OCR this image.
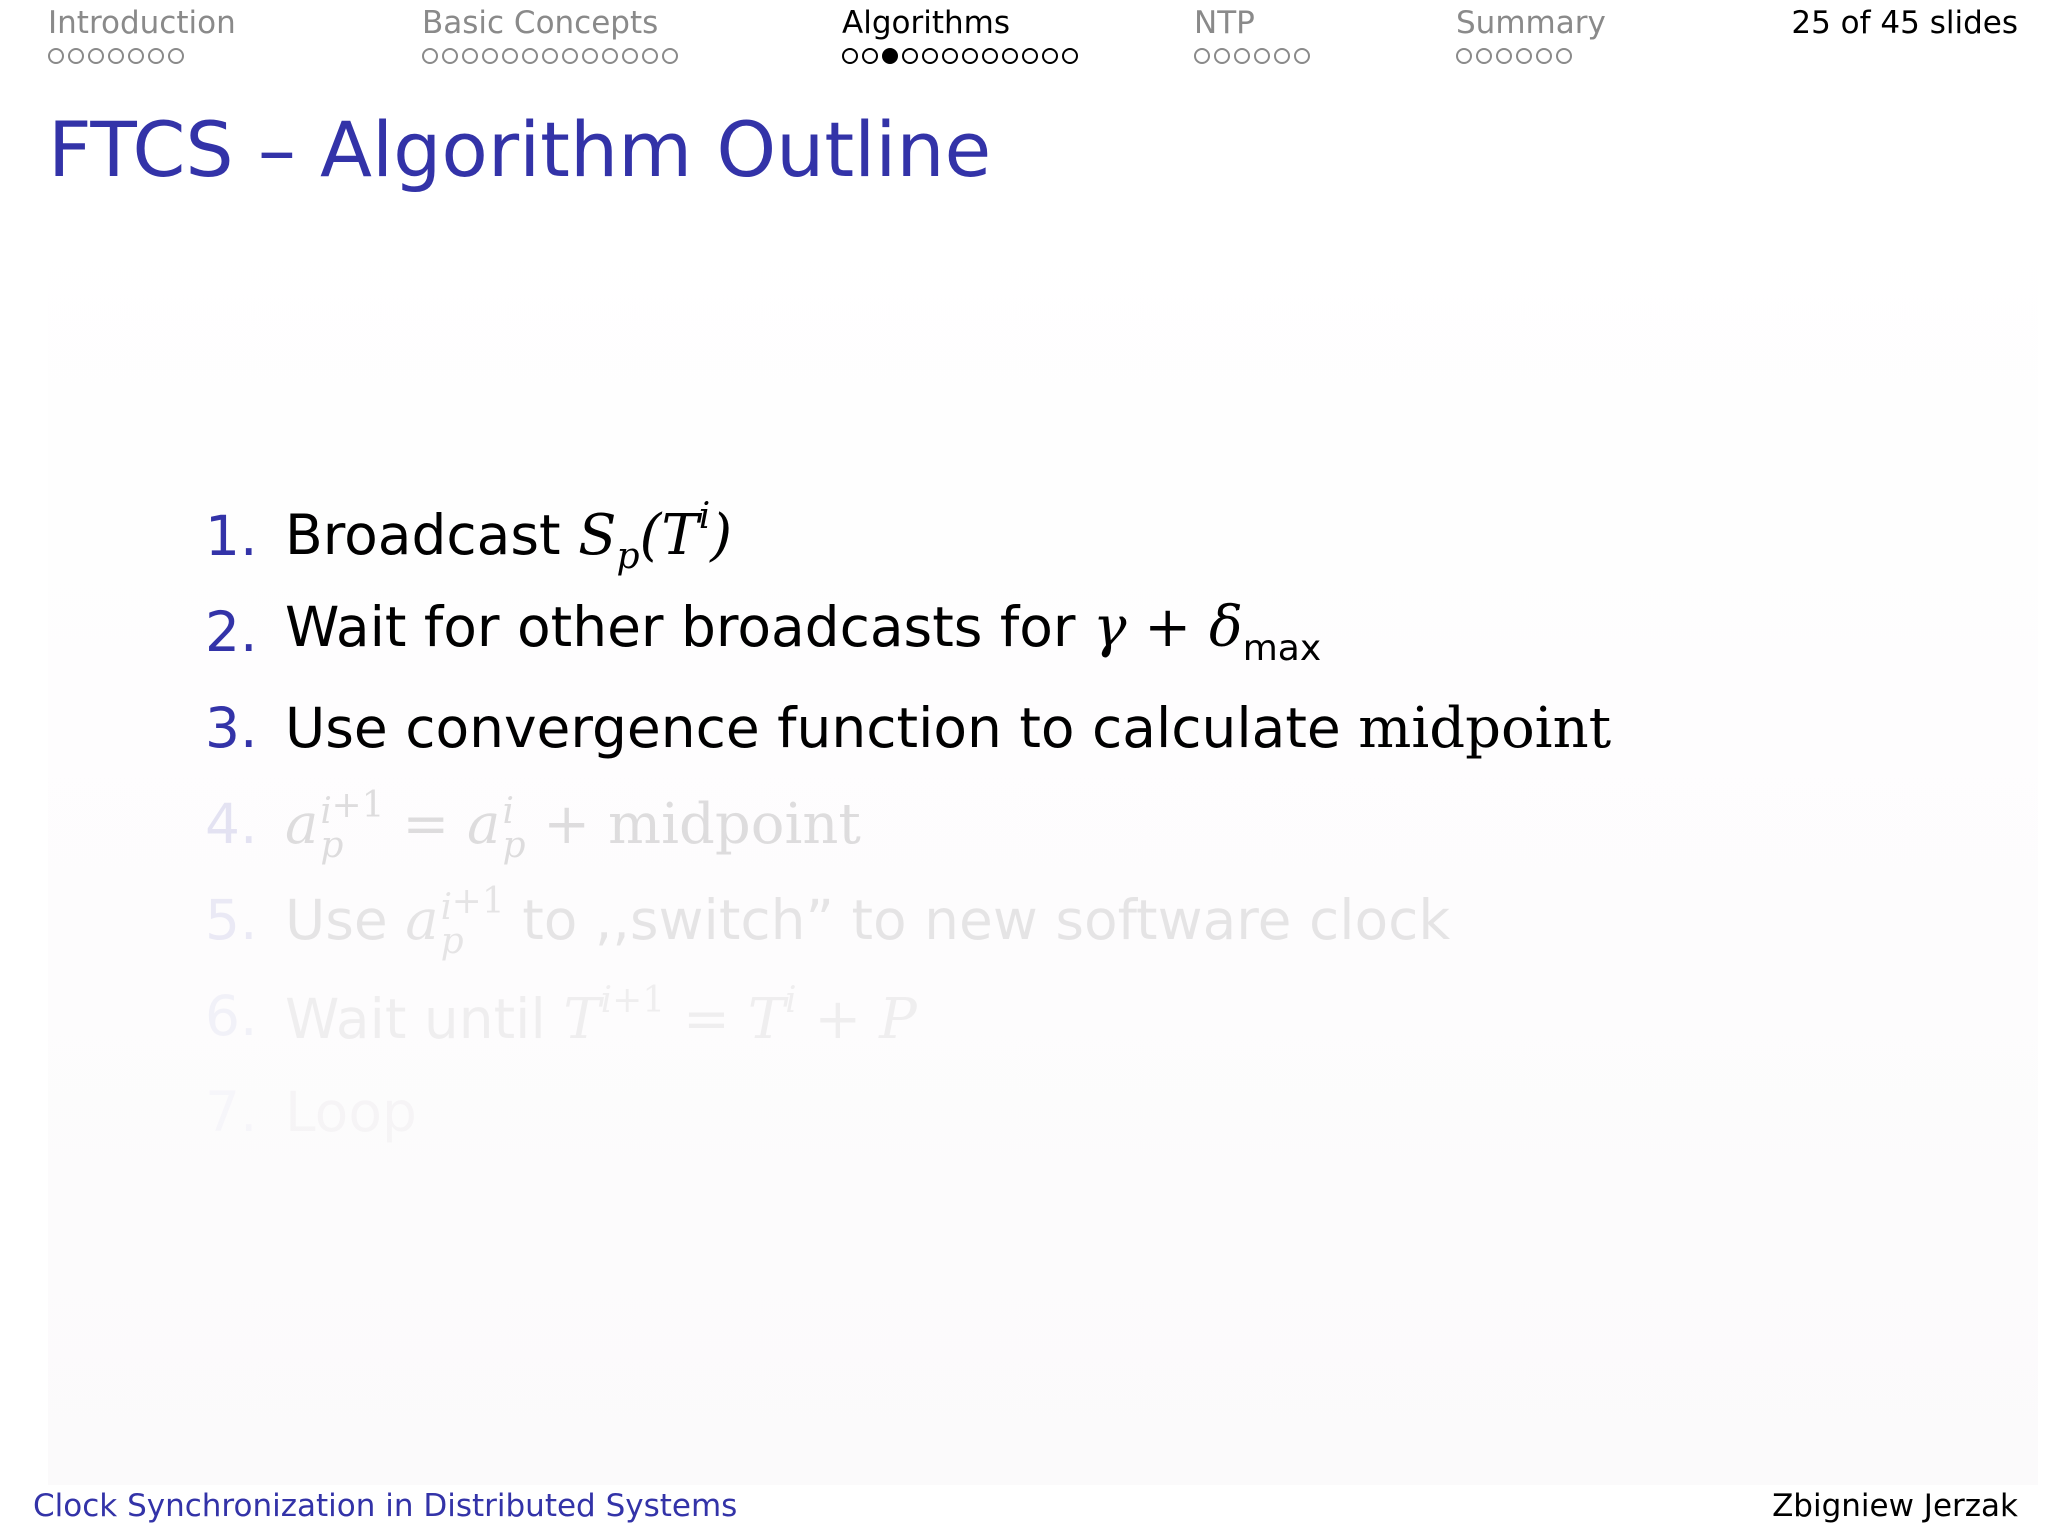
Introduction	Basic Concepts	Algorithms	NTP	Summary	25 of 45 slides
FTCS – Algorithm Outline
1. Broadcast $S_p(T^i)$
2. Wait for other broadcasts for $\gamma + \delta_{max}$
3. Use convergence function to calculate midpoint
4. a i
p
$^{+1}$ = a i
p + midpoint
5. Use a i
p
$^{+1}$ to ,,switch” to new software clock
6. Wait until $T^{i+1} = T^i + P$
Clock Synchronization in Distributed Systems	Zbigniew Jerzak
